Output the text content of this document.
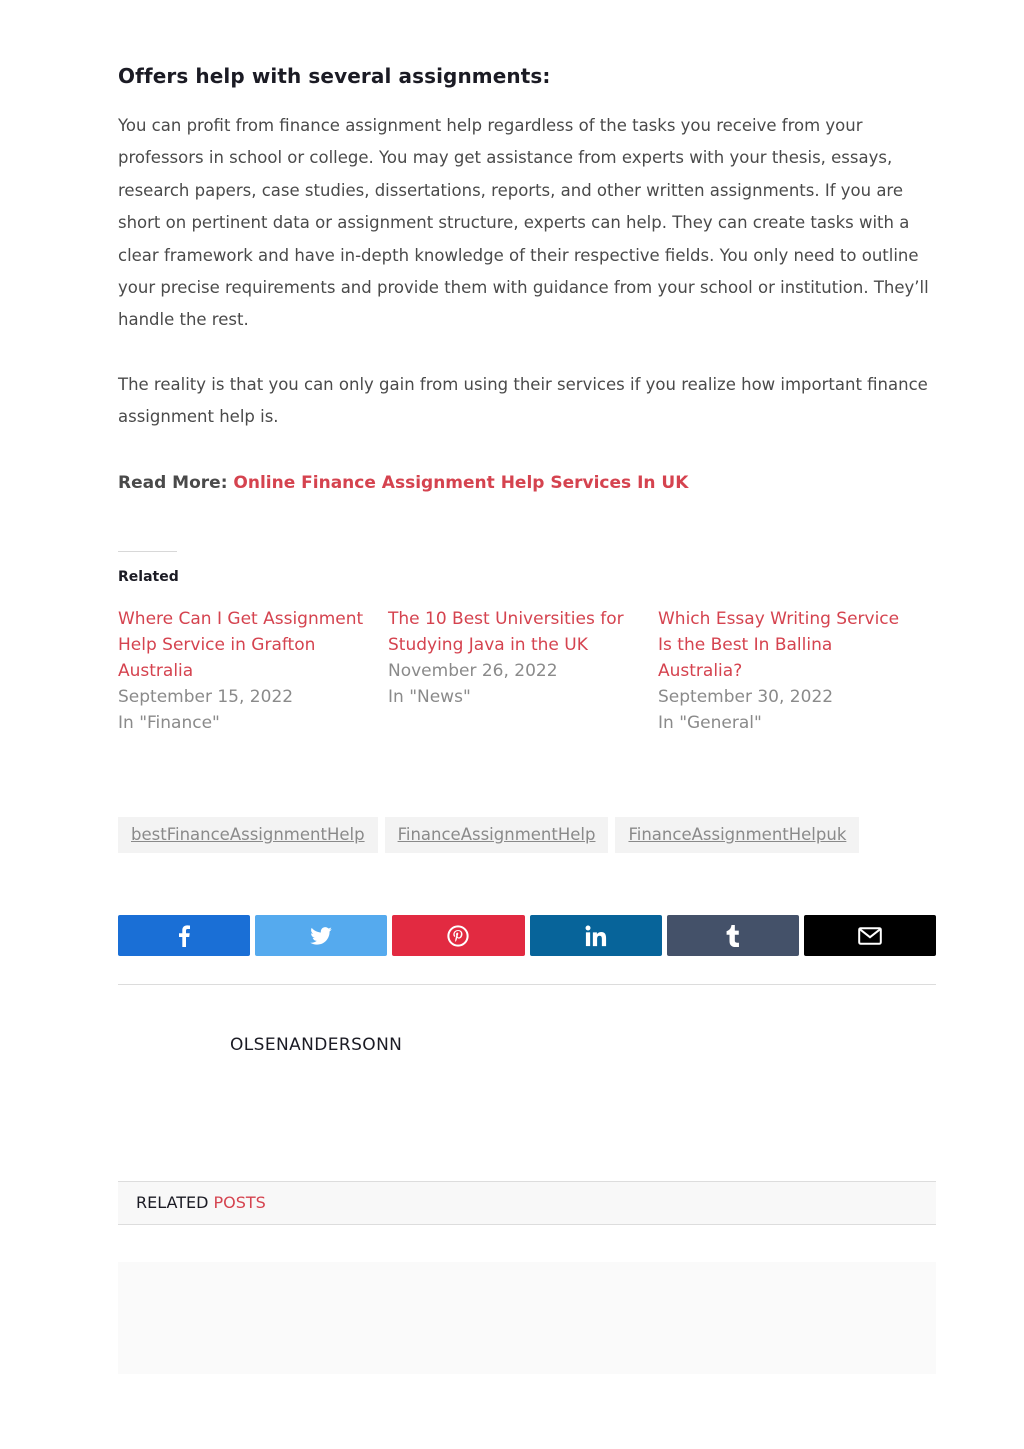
Offers help with several assignments:

You can profit from finance assignment help regardless of the tasks you receive from your professors in school or college. You may get assistance from experts with your thesis, essays, research papers, case studies, dissertations, reports, and other written assignments. If you are short on pertinent data or assignment structure, experts can help. They can create tasks with a clear framework and have in-depth knowledge of their respective fields. You only need to outline your precise requirements and provide them with guidance from your school or institution. They’ll handle the rest.

The reality is that you can only gain from using their services if you realize how important finance assignment help is.

Read More: Online Finance Assignment Help Services In UK

Related
Where Can I Get Assignment Help Service in Grafton Australia
September 15, 2022
In "Finance"
The 10 Best Universities for Studying Java in the UK
November 26, 2022
In "News"
Which Essay Writing Service Is the Best In Ballina Australia?
September 30, 2022
In "General"
bestFinanceAssignmentHelp	FinanceAssignmentHelp	FinanceAssignmentHelpuk
OLSENANDERSONN
RELATED POSTS
